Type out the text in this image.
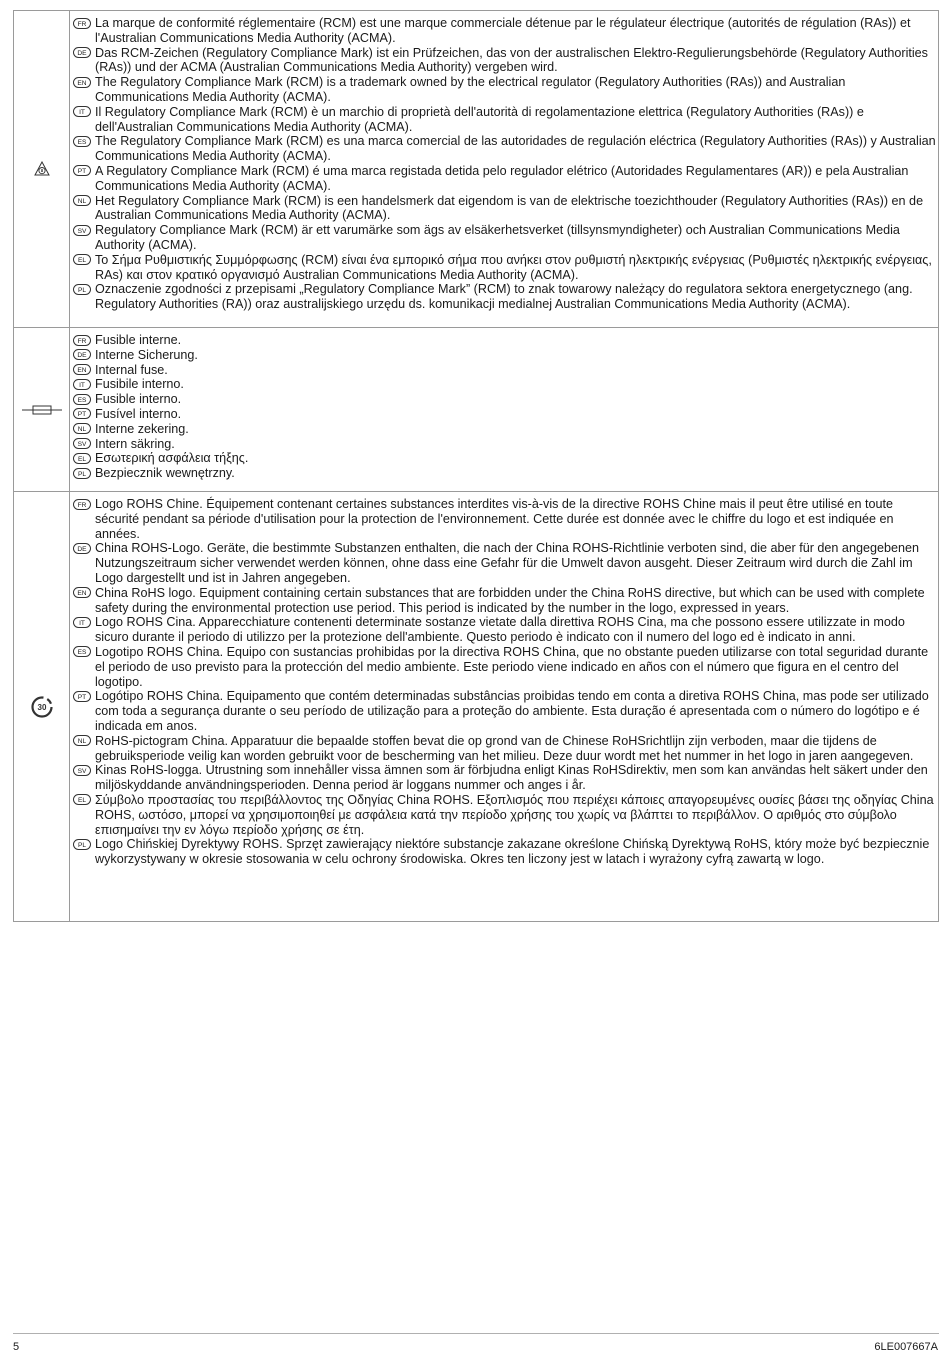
FR La marque de conformité réglementaire (RCM) est une marque commerciale détenue par le régulateur électrique (autorités de régulation (RAs)) et l'Australian Communications Media Authority (ACMA).
DE Das RCM-Zeichen (Regulatory Compliance Mark) ist ein Prüfzeichen, das von der australischen Elektro-Regulierungsbehörde (Regulatory Authorities (RAs)) und der ACMA (Australian Communications Media Authority) vergeben wird.
EN The Regulatory Compliance Mark (RCM) is a trademark owned by the electrical regulator (Regulatory Authorities (RAs)) and Australian Communications Media Authority (ACMA).
IT Il Regulatory Compliance Mark (RCM) è un marchio di proprietà dell'autorità di regolamentazione elettrica (Regulatory Authorities (RAs)) e dell'Australian Communications Media Authority (ACMA).
ES The Regulatory Compliance Mark (RCM) es una marca comercial de las autoridades de regulación eléctrica (Regulatory Authorities (RAs)) y Australian Communications Media Authority (ACMA).
PT A Regulatory Compliance Mark (RCM) é uma marca registada detida pelo regulador elétrico (Autoridades Regulamentares (AR)) e pela Australian Communications Media Authority (ACMA).
NL Het Regulatory Compliance Mark (RCM) is een handelsmerk dat eigendom is van de elektrische toezichthouder (Regulatory Authorities (RAs)) en de Australian Communications Media Authority (ACMA).
SV Regulatory Compliance Mark (RCM) är ett varumärke som ägs av elsäkerhetsverket (tillsynsmyndigheter) och Australian Communications Media Authority (ACMA).
EL Το Σήμα Ρυθμιστικής Συμμόρφωσης (RCM) είναι ένα εμπορικό σήμα που ανήκει στον ρυθμιστή ηλεκτρικής ενέργειας (Ρυθμιστές ηλεκτρικής ενέργειας, RAs) και στον κρατικό οργανισμό Australian Communications Media Authority (ACMA).
PL Oznaczenie zgodności z przepisami „Regulatory Compliance Mark” (RCM) to znak towarowy należący do regulatora sektora energetycznego (ang. Regulatory Authorities (RA)) oraz australijskiego urzędu ds. komunikacji medialnej Australian Communications Media Authority (ACMA).
FR Fusible interne.
DE Interne Sicherung.
EN Internal fuse.
IT Fusibile interno.
ES Fusible interno.
PT Fusível interno.
NL Interne zekering.
SV Intern säkring.
EL Εσωτερική ασφάλεια τήξης.
PL Bezpiecznik wewnętrzny.
30
FR Logo ROHS Chine. Équipement contenant certaines substances interdites vis-à-vis de la directive ROHS Chine mais il peut être utilisé en toute sécurité pendant sa période d'utilisation pour la protection de l'environnement. Cette durée est donnée avec le chiffre du logo et est indiquée en années.
DE China ROHS-Logo. Geräte, die bestimmte Substanzen enthalten, die nach der China ROHS-Richtlinie verboten sind, die aber für den angegebenen Nutzungszeitraum sicher verwendet werden können, ohne dass eine Gefahr für die Umwelt davon ausgeht. Dieser Zeitraum wird durch die Zahl im Logo dargestellt und ist in Jahren angegeben.
EN China RoHS logo. Equipment containing certain substances that are forbidden under the China RoHS directive, but which can be used with complete safety during the environmental protection use period. This period is indicated by the number in the logo, expressed in years.
IT Logo ROHS Cina. Apparecchiature contenenti determinate sostanze vietate dalla direttiva ROHS Cina, ma che possono essere utilizzate in modo sicuro durante il periodo di utilizzo per la protezione dell'ambiente. Questo periodo è indicato con il numero del logo ed è indicato in anni.
ES Logotipo ROHS China. Equipo con sustancias prohibidas por la directiva ROHS China, que no obstante pueden utilizarse con total seguridad durante el periodo de uso previsto para la protección del medio ambiente. Este periodo viene indicado en años con el número que figura en el centro del logotipo.
PT Logótipo ROHS China. Equipamento que contém determinadas substâncias proibidas tendo em conta a diretiva ROHS China, mas pode ser utilizado com toda a segurança durante o seu período de utilização para a proteção do ambiente. Esta duração é apresentada com o número do logótipo e é indicada em anos.
NL RoHS-pictogram China. Apparatuur die bepaalde stoffen bevat die op grond van de Chinese RoHSrichtlijn zijn verboden, maar die tijdens de gebruiksperiode veilig kan worden gebruikt voor de bescherming van het milieu. Deze duur wordt met het nummer in het logo in jaren aangegeven.
SV Kinas RoHS-logga. Utrustning som innehåller vissa ämnen som är förbjudna enligt Kinas RoHSdirektiv, men som kan användas helt säkert under den miljöskyddande användningsperioden. Denna period är loggans nummer och anges i år.
EL Σύμβολο προστασίας του περιβάλλοντος της Οδηγίας China ROHS. Εξοπλισμός που περιέχει κάποιες απαγορευμένες ουσίες βάσει της οδηγίας China ROHS, ωστόσο, μπορεί να χρησιμοποιηθεί με ασφάλεια κατά την περίοδο χρήσης του χωρίς να βλάπτει το περιβάλλον. Ο αριθμός στο σύμβολο επισημαίνει την εν λόγω περίοδο χρήσης σε έτη.
PL Logo Chińskiej Dyrektywy ROHS. Sprzęt zawierający niektóre substancje zakazane określone Chińską Dyrektywą RoHS, który może być bezpiecznie wykorzystywany w okresie stosowania w celu ochrony środowiska. Okres ten liczony jest w latach i wyrażony cyfrą zawartą w logo.
5	6LE007667A
